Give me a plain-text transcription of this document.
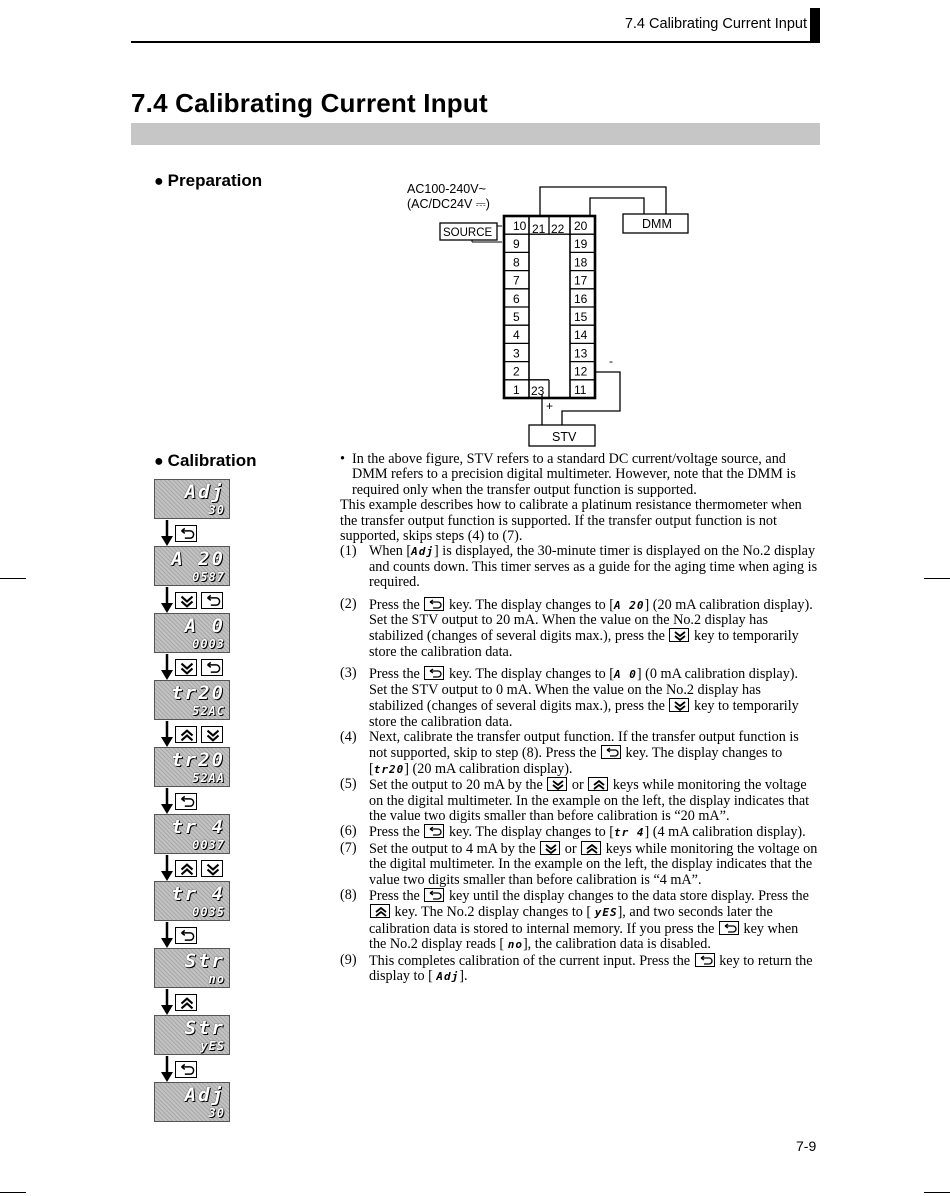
7.4 Calibrating Current Input
7.4 Calibrating Current Input
● Preparation	AC100-240V~
(AC/DC24V ⎓)
SOURCE 10	20
9	19
8	18
7	17
6	16
5	15
4	14
3	13
2	12
1	11
21 22
23
DMM
STV
+
-
● Calibration
Adj
30
A 20
0587
A 0
0003
tr20
52AC
tr20
52AA
tr 4
0037
tr 4
0035
Str
no
Str
yES
Adj
30
• In the above figure, STV refers to a standard DC current/voltage source, and DMM refers to a precision digital multimeter. However, note that the DMM is required only when the transfer output function is supported.

This example describes how to calibrate a platinum resistance thermometer when the transfer output function is supported. If the transfer output function is not supported, skips steps (4) to (7).

(1) When [Adj] is displayed, the 30-minute timer is displayed on the No.2 display and counts down. This timer serves as a guide for the aging time when aging is required.
(2) Press the
key. The display changes to [A 20] (20 mA calibration display). Set the STV output to 20 mA. When the value on the No.2 display has stabilized (changes of several digits max.), press the
key to temporarily store the calibration data.
(3) Press the
key. The display changes to [A 0] (0 mA calibration display). Set the STV output to 0 mA. When the value on the No.2 display has stabilized (changes of several digits max.), press the
key to temporarily store the calibration data.
(4) Next, calibrate the transfer output function. If the transfer output function is not supported, skip to step (8). Press the
key. The display changes to [tr20] (20 mA calibration display).
(5) Set the output to 20 mA by the
or
keys while monitoring the voltage on the digital multimeter. In the example on the left, the display indicates that the value two digits smaller than before calibration is “20 mA”.
(6) Press the
key. The display changes to [tr 4] (4 mA calibration display).
(7) Set the output to 4 mA by the
or
keys while monitoring the voltage on the digital multimeter. In the example on the left, the display indicates that the value two digits smaller than before calibration is “4 mA”.
(8) Press the
key until the display changes to the data store display. Press the
key. The No.2 display changes to [ yES], and two seconds later the calibration data is stored to internal memory. If you press the
key when the No.2 display reads [ no], the calibration data is disabled.
(9) This completes calibration of the current input. Press the
key to return the display to [ Adj].
7-9
